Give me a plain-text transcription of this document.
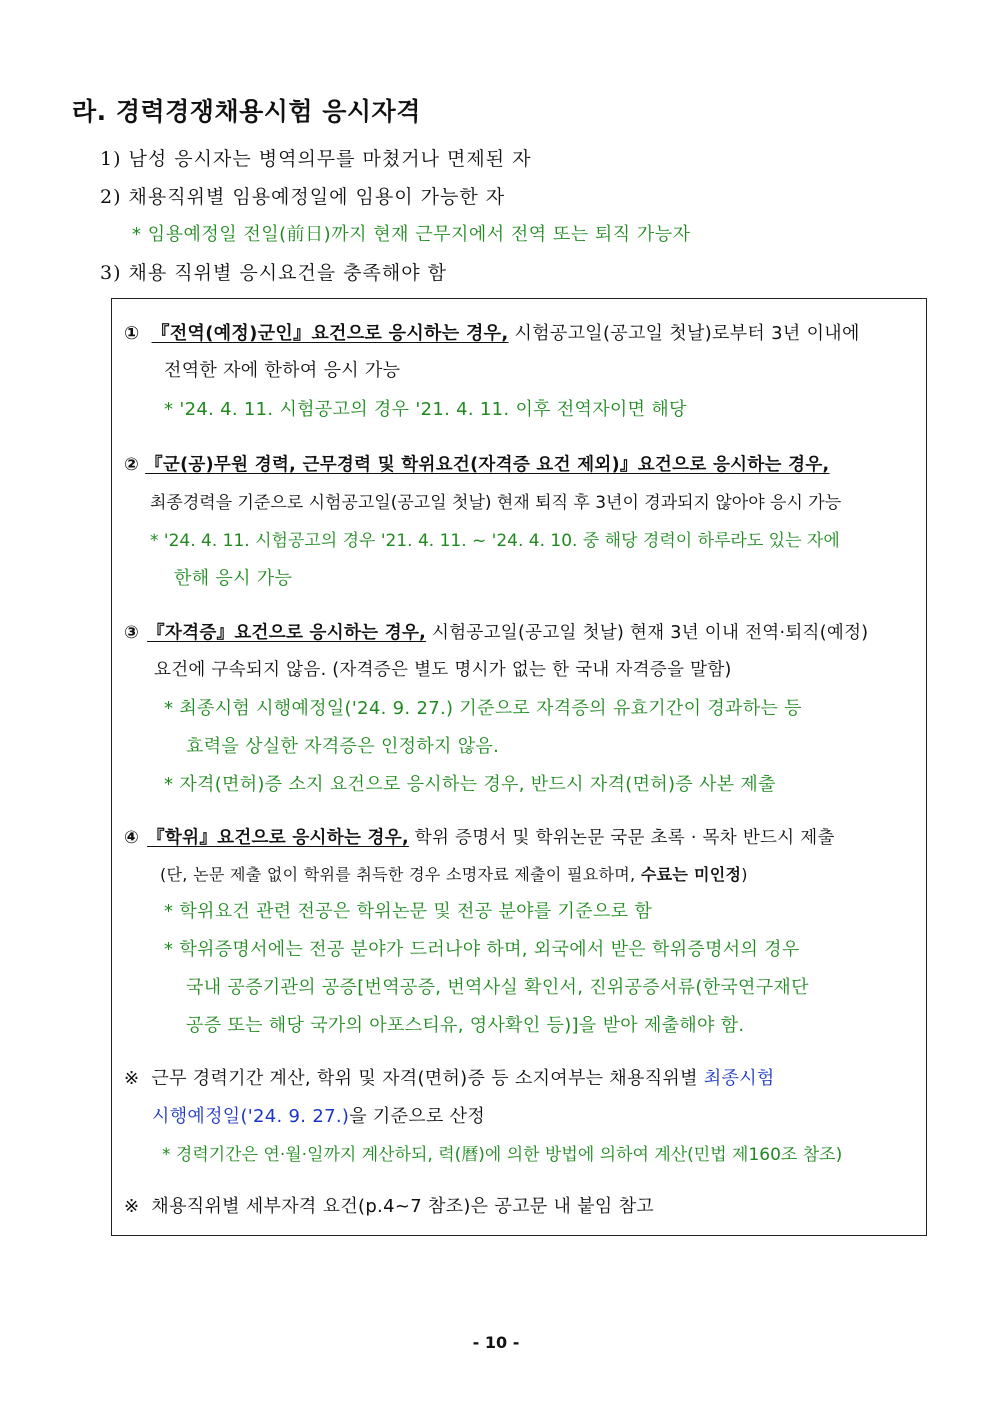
라. 경력경쟁채용시험 응시자격
1) 남성 응시자는 병역의무를 마쳤거나 면제된 자
2) 채용직위별 임용예정일에 임용이 가능한 자
* 임용예정일 전일(前日)까지 현재 근무지에서 전역 또는 퇴직 가능자
3) 채용 직위별 응시요건을 충족해야 함
① 『전역(예정)군인』요건으로 응시하는 경우, 시험공고일(공고일 첫날)로부터 3년 이내에
전역한 자에 한하여 응시 가능
* '24. 4. 11. 시험공고의 경우 '21. 4. 11. 이후 전역자이면 해당
② 『군(공)무원 경력, 근무경력 및 학위요건(자격증 요건 제외)』요건으로 응시하는 경우,
최종경력을 기준으로 시험공고일(공고일 첫날) 현재 퇴직 후 3년이 경과되지 않아야 응시 가능
* '24. 4. 11. 시험공고의 경우 '21. 4. 11. ~ '24. 4. 10. 중 해당 경력이 하루라도 있는 자에
한해 응시 가능
③ 『자격증』요건으로 응시하는 경우, 시험공고일(공고일 첫날) 현재 3년 이내 전역·퇴직(예정)
요건에 구속되지 않음. (자격증은 별도 명시가 없는 한 국내 자격증을 말함)
* 최종시험 시행예정일('24. 9. 27.) 기준으로 자격증의 유효기간이 경과하는 등
효력을 상실한 자격증은 인정하지 않음.
* 자격(면허)증 소지 요건으로 응시하는 경우, 반드시 자격(면허)증 사본 제출
④ 『학위』요건으로 응시하는 경우, 학위 증명서 및 학위논문 국문 초록 · 목차 반드시 제출
(단, 논문 제출 없이 학위를 취득한 경우 소명자료 제출이 필요하며, 수료는 미인정)
* 학위요건 관련 전공은 학위논문 및 전공 분야를 기준으로 함
* 학위증명서에는 전공 분야가 드러나야 하며, 외국에서 받은 학위증명서의 경우
국내 공증기관의 공증[번역공증, 번역사실 확인서, 진위공증서류(한국연구재단
공증 또는 해당 국가의 아포스티유, 영사확인 등)]을 받아 제출해야 함.
※ 근무 경력기간 계산, 학위 및 자격(면허)증 등 소지여부는 채용직위별 최종시험
시행예정일('24. 9. 27.)을 기준으로 산정
* 경력기간은 연·월·일까지 계산하되, 력(曆)에 의한 방법에 의하여 계산(민법 제160조 참조)
※ 채용직위별 세부자격 요건(p.4~7 참조)은 공고문 내 붙임 참고
- 10 -
